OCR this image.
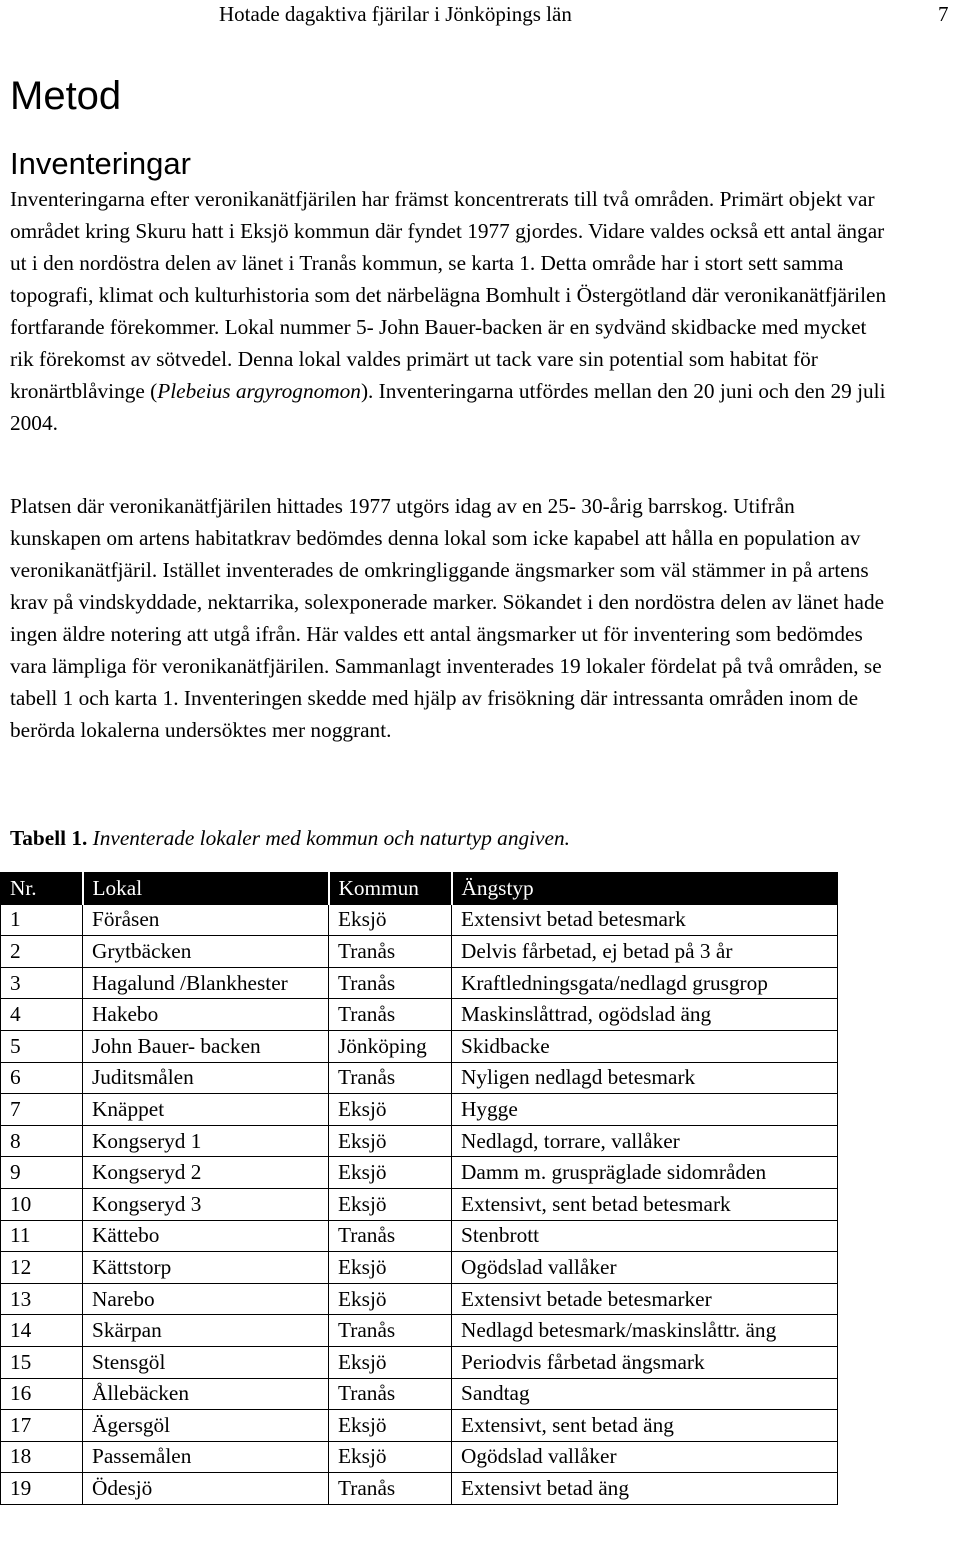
Hotade dagaktiva fjärilar i Jönköpings län	7
Metod
Inventeringar

Inventeringarna efter veronikanätfjärilen har främst koncentrerats till två områden. Primärt objekt var området kring Skuru hatt i Eksjö kommun där fyndet 1977 gjordes. Vidare valdes också ett antal ängar ut i den nordöstra delen av länet i Tranås kommun, se karta 1. Detta område har i stort sett samma topografi, klimat och kulturhistoria som det närbelägna Bomhult i Östergötland där veronikanätfjärilen fortfarande förekommer. Lokal nummer 5- John Bauer-backen är en sydvänd skidbacke med mycket rik förekomst av sötvedel. Denna lokal valdes primärt ut tack vare sin potential som habitat för kronärtblåvinge (Plebeius argyrognomon). Inventeringarna utfördes mellan den 20 juni och den 29 juli 2004.

Platsen där veronikanätfjärilen hittades 1977 utgörs idag av en 25- 30-årig barrskog. Utifrån kunskapen om artens habitatkrav bedömdes denna lokal som icke kapabel att hålla en population av veronikanätfjäril. Istället inventerades de omkringliggande ängsmarker som väl stämmer in på artens krav på vindskyddade, nektarrika, solexponerade marker. Sökandet i den nordöstra delen av länet hade ingen äldre notering att utgå ifrån. Här valdes ett antal ängsmarker ut för inventering som bedömdes vara lämpliga för veronikanätfjärilen. Sammanlagt inventerades 19 lokaler fördelat på två områden, se tabell 1 och karta 1. Inventeringen skedde med hjälp av frisökning där intressanta områden inom de berörda lokalerna undersöktes mer noggrant.

Tabell 1. Inventerade lokaler med kommun och naturtyp angiven.
Nr.	Lokal	Kommun	Ängstyp
1	Föråsen	Eksjö	Extensivt betad betesmark
2	Grytbäcken	Tranås	Delvis fårbetad, ej betad på 3 år
3	Hagalund /Blankhester	Tranås	Kraftledningsgata/nedlagd grusgrop
4	Hakebo	Tranås	Maskinslåttrad, ogödslad äng
5	John Bauer- backen	Jönköping	Skidbacke
6	Juditsmålen	Tranås	Nyligen nedlagd betesmark
7	Knäppet	Eksjö	Hygge
8	Kongseryd 1	Eksjö	Nedlagd, torrare, vallåker
9	Kongseryd 2	Eksjö	Damm m. gruspräglade sidområden
10	Kongseryd 3	Eksjö	Extensivt, sent betad betesmark
11	Kättebo	Tranås	Stenbrott
12	Kättstorp	Eksjö	Ogödslad vallåker
13	Narebo	Eksjö	Extensivt betade betesmarker
14	Skärpan	Tranås	Nedlagd betesmark/maskinslåttr. äng
15	Stensgöl	Eksjö	Periodvis fårbetad ängsmark
16	Ållebäcken	Tranås	Sandtag
17	Ägersgöl	Eksjö	Extensivt, sent betad äng
18	Passemålen	Eksjö	Ogödslad vallåker
19	Ödesjö	Tranås	Extensivt betad äng
